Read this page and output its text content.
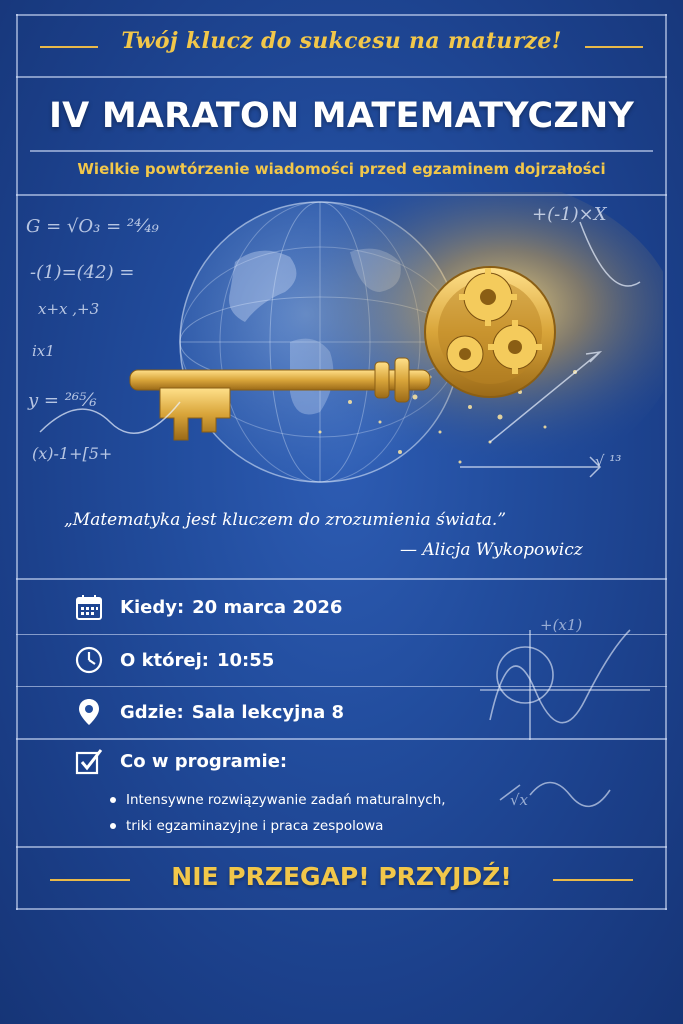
Twój klucz do sukcesu na maturze!
IV MARATON MATEMATYCZNY
Wielkie powtórzenie wiadomości przed egzaminem dojrzałości
G = √O₃ = ²⁴⁄₄₉
-(1)=(42) =
x+x ,+3
ix1
y = ²⁶⁵⁄₆
(x)-1+[5+
+(-1)×X
√ ¹³
„Matematyka jest kluczem do zrozumienia świata.”
— Alicja Wykopowicz
Kiedy: 20 marca 2026
O której: 10:55
Gdzie: Sala lekcyjna 8
Co w programie:
Intensywne rozwiązywanie zadań maturalnych,
triki egzaminazyjne i praca zespolowa
+(x1)
√x
NIE PRZEGAP! PRZYJDŹ!
